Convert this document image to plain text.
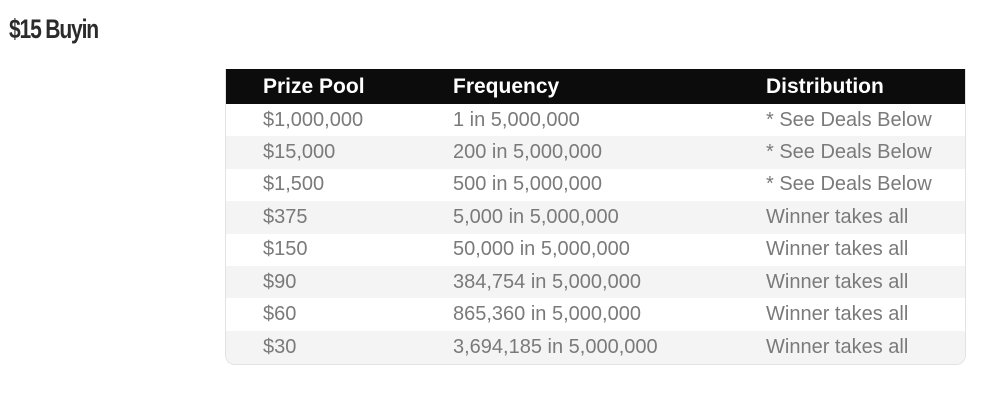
$15 Buyin
Prize Pool	Frequency	Distribution
$1,000,000	1 in 5,000,000	* See Deals Below
$15,000	200 in 5,000,000	* See Deals Below
$1,500	500 in 5,000,000	* See Deals Below
$375	5,000 in 5,000,000	Winner takes all
$150	50,000 in 5,000,000	Winner takes all
$90	384,754 in 5,000,000	Winner takes all
$60	865,360 in 5,000,000	Winner takes all
$30	3,694,185 in 5,000,000	Winner takes all
